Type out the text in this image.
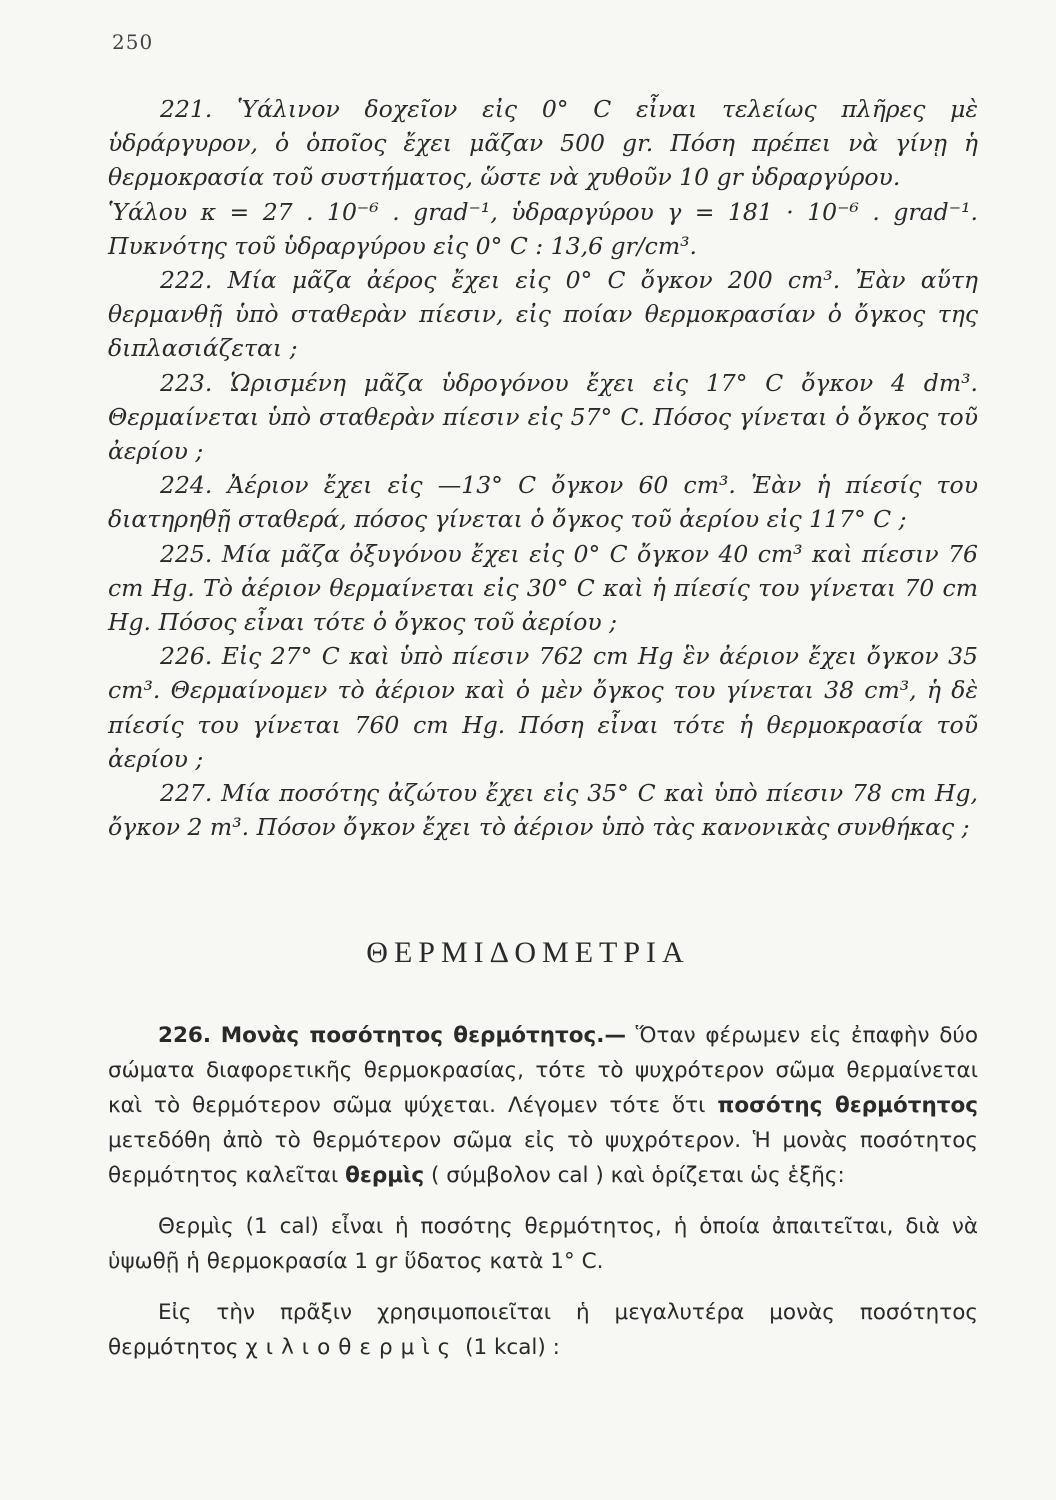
250

221. Ὑάλινον δοχεῖον εἰς 0° C εἶναι τελείως πλῆρες μὲ ὑδράργυρον, ὁ ὁποῖος ἔχει μᾶζαν 500 gr. Πόση πρέπει νὰ γίνῃ ἡ θερμοκρασία τοῦ συστήματος, ὥστε νὰ χυθοῦν 10 gr ὑδραργύρου.

Ὑάλου κ = 27 . 10⁻⁶ . grad⁻¹, ὑδραργύρου γ = 181 · 10⁻⁶ . grad⁻¹. Πυκνότης τοῦ ὑδραργύρου εἰς 0° C : 13,6 gr/cm³.

222. Μία μᾶζα ἀέρος ἔχει εἰς 0° C ὄγκον 200 cm³. Ἐὰν αὕτη θερμανθῇ ὑπὸ σταθερὰν πίεσιν, εἰς ποίαν θερμοκρασίαν ὁ ὄγκος της διπλασιάζεται ;

223. Ὡρισμένη μᾶζα ὑδρογόνου ἔχει εἰς 17° C ὄγκον 4 dm³. Θερμαίνεται ὑπὸ σταθερὰν πίεσιν εἰς 57° C. Πόσος γίνεται ὁ ὄγκος τοῦ ἀερίου ;

224. Ἀέριον ἔχει εἰς —13° C ὄγκον 60 cm³. Ἐὰν ἡ πίεσίς του διατηρηθῇ σταθερά, πόσος γίνεται ὁ ὄγκος τοῦ ἀερίου εἰς 117° C ;

225. Μία μᾶζα ὀξυγόνου ἔχει εἰς 0° C ὄγκον 40 cm³ καὶ πίεσιν 76 cm Hg. Τὸ ἀέριον θερμαίνεται εἰς 30° C καὶ ἡ πίεσίς του γίνεται 70 cm Hg. Πόσος εἶναι τότε ὁ ὄγκος τοῦ ἀερίου ;

226. Εἰς 27° C καὶ ὑπὸ πίεσιν 762 cm Hg ἓν ἀέριον ἔχει ὄγκον 35 cm³. Θερμαίνομεν τὸ ἀέριον καὶ ὁ μὲν ὄγκος του γίνεται 38 cm³, ἡ δὲ πίεσίς του γίνεται 760 cm Hg. Πόση εἶναι τότε ἡ θερμοκρασία τοῦ ἀερίου ;

227. Μία ποσότης ἀζώτου ἔχει εἰς 35° C καὶ ὑπὸ πίεσιν 78 cm Hg, ὄγκον 2 m³. Πόσον ὄγκον ἔχει τὸ ἀέριον ὑπὸ τὰς κανονικὰς συνθήκας ;

ΘΕΡΜΙΔΟΜΕΤΡΙΑ

226. Μονὰς ποσότητος θερμότητος.— Ὅταν φέρωμεν εἰς ἐπαφὴν δύο σώματα διαφορετικῆς θερμοκρασίας, τότε τὸ ψυχρότερον σῶμα θερμαίνεται καὶ τὸ θερμότερον σῶμα ψύχεται. Λέγομεν τότε ὅτι ποσότης θερμότητος μετεδόθη ἀπὸ τὸ θερμότερον σῶμα εἰς τὸ ψυχρότερον. Ἡ μονὰς ποσότητος θερμότητος καλεῖται θερμὶς ( σύμβολον cal ) καὶ ὁρίζεται ὡς ἑξῆς:

Θερμὶς (1 cal) εἶναι ἡ ποσότης θερμότητος, ἡ ὁποία ἀπαιτεῖται, διὰ νὰ ὑψωθῇ ἡ θερμοκρασία 1 gr ὕδατος κατὰ 1° C.

Εἰς τὴν πρᾶξιν χρησιμοποιεῖται ἡ μεγαλυτέρα μονὰς ποσότητος θερμότητος χιλιοθερμὶς (1 kcal) :
